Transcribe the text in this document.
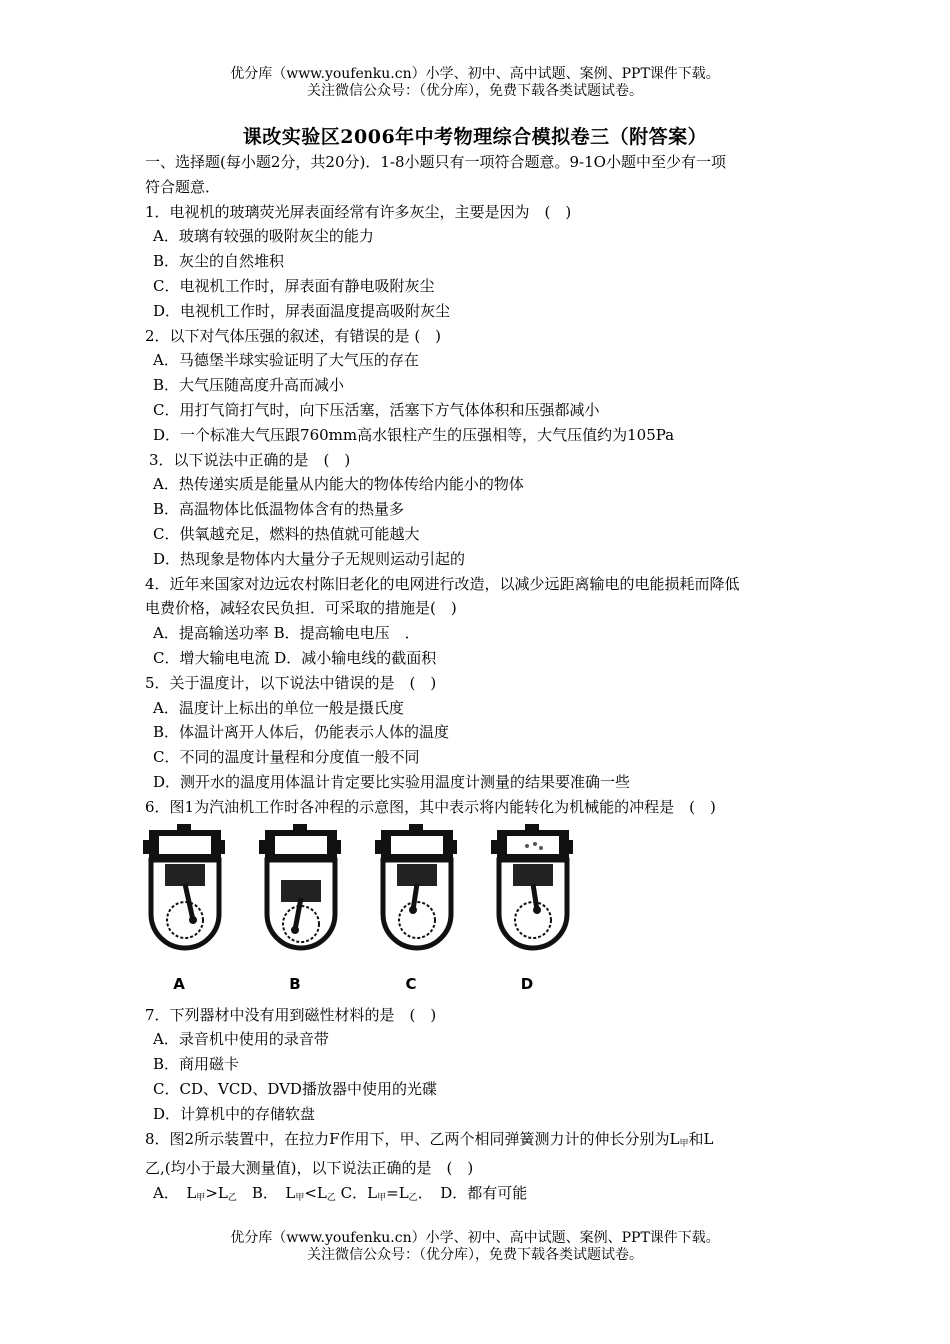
优分库（www.youfenku.cn）小学、初中、高中试题、案例、PPT课件下载。
关注微信公众号：（优分库），免费下载各类试题试卷。
课改实验区2006年中考物理综合模拟卷三（附答案）

一、选择题(每小题2分，共20分)．1-8小题只有一项符合题意。9-1O小题中至少有一项

符合题意．

1．电视机的玻璃荧光屏表面经常有许多灰尘，主要是因为　(　)

A．玻璃有较强的吸附灰尘的能力

B．灰尘的自然堆积

C．电视机工作时，屏表面有静电吸附灰尘

D．电视机工作时，屏表面温度提高吸附灰尘

2．以下对气体压强的叙述，有错误的是 (　)

A．马德堡半球实验证明了大气压的存在

B．大气压随高度升高而减小

C．用打气筒打气时，向下压活塞，活塞下方气体体积和压强都减小

D．一个标准大气压跟760mm高水银柱产生的压强相等，大气压值约为105Pa

3．以下说法中正确的是　(　)

A．热传递实质是能量从内能大的物体传给内能小的物体

B．高温物体比低温物体含有的热量多

C．供氧越充足，燃料的热值就可能越大

D．热现象是物体内大量分子无规则运动引起的

4．近年来国家对边远农村陈旧老化的电网进行改造，以减少远距离输电的电能损耗而降低

电费价格，减轻农民负担．可采取的措施是(　)

A．提高输送功率 B．提高输电电压　．

C．增大输电电流 D．减小输电线的截面积

5．关于温度计，以下说法中错误的是　(　)

A．温度计上标出的单位一般是摄氏度

B．体温计离开人体后，仍能表示人体的温度

C．不同的温度计量程和分度值一般不同

D．测开水的温度用体温计肯定要比实验用温度计测量的结果要准确一些

6．图1为汽油机工作时各冲程的示意图，其中表示将内能转化为机械能的冲程是　(　)

A	B	C	D

7．下列器材中没有用到磁性材料的是　(　)

A．录音机中使用的录音带

B．商用磁卡

C．CD、VCD、DVD播放器中使用的光碟

D．计算机中的存储软盘

8．图2所示装置中，在拉力F作用下，甲、乙两个相同弹簧测力计的伸长分别为$L_甲$和L

乙,(均小于最大测量值)，以下说法正确的是　(　)

A．　$L_甲>L_乙$　B．　$L_甲<L_乙$ C．$L_甲=L_乙$．　D．都有可能

优分库（www.youfenku.cn）小学、初中、高中试题、案例、PPT课件下载。
关注微信公众号：（优分库），免费下载各类试题试卷。
